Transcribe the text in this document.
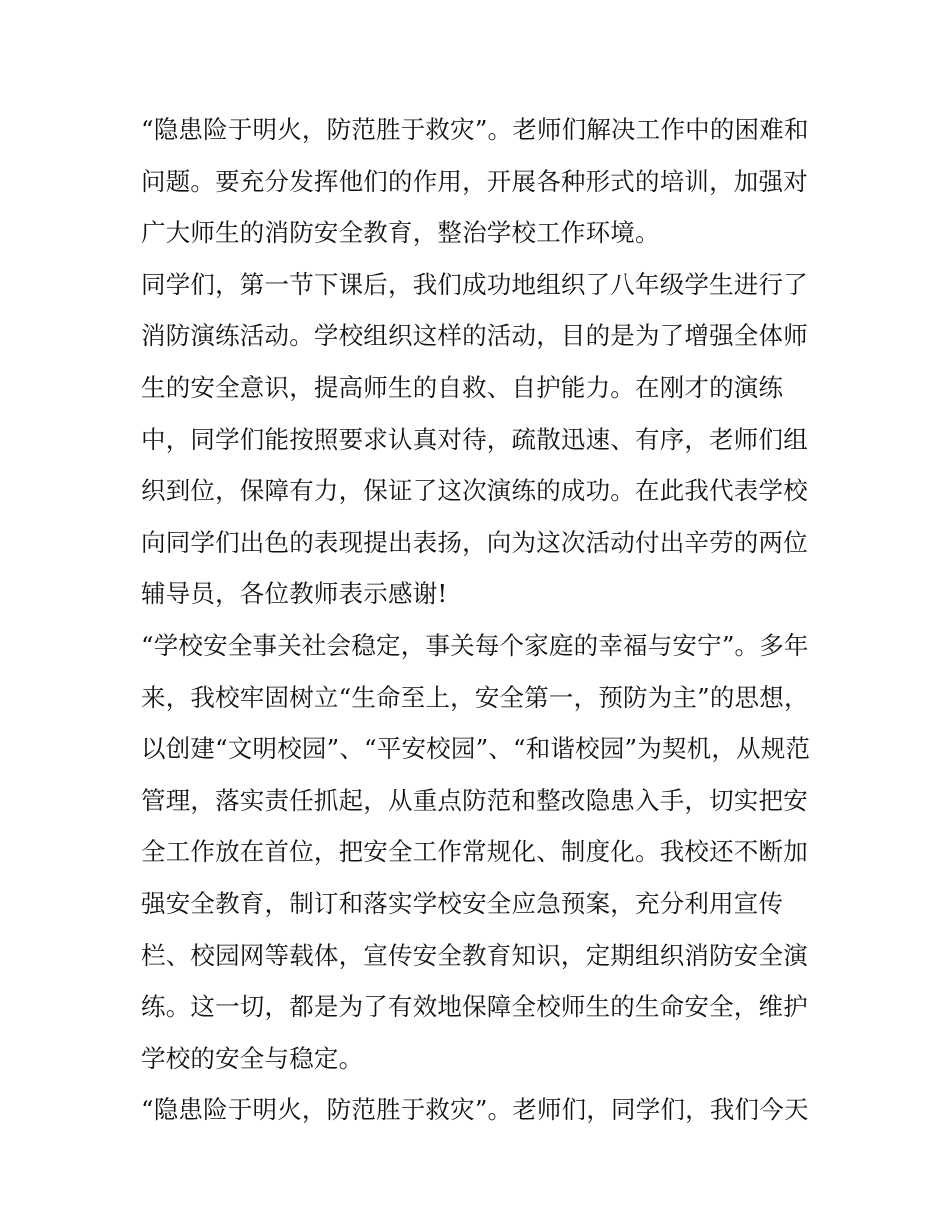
“隐患险于明火，防范胜于救灾”。老师们解决工作中的困难和
问题。要充分发挥他们的作用，开展各种形式的培训，加强对
广大师生的消防安全教育，整治学校工作环境。
同学们，第一节下课后，我们成功地组织了八年级学生进行了
消防演练活动。学校组织这样的活动，目的是为了增强全体师
生的安全意识，提高师生的自救、自护能力。在刚才的演练
中，同学们能按照要求认真对待，疏散迅速、有序，老师们组
织到位，保障有力，保证了这次演练的成功。在此我代表学校
向同学们出色的表现提出表扬，向为这次活动付出辛劳的两位
辅导员，各位教师表示感谢!
“学校安全事关社会稳定，事关每个家庭的幸福与安宁”。多年
来，我校牢固树立“生命至上，安全第一，预防为主”的思想，
以创建“文明校园”、“平安校园”、“和谐校园”为契机，从规范
管理，落实责任抓起，从重点防范和整改隐患入手，切实把安
全工作放在首位，把安全工作常规化、制度化。我校还不断加
强安全教育，制订和落实学校安全应急预案，充分利用宣传
栏、校园网等载体，宣传安全教育知识，定期组织消防安全演
练。这一切，都是为了有效地保障全校师生的生命安全，维护
学校的安全与稳定。
“隐患险于明火，防范胜于救灾”。老师们，同学们，我们今天
